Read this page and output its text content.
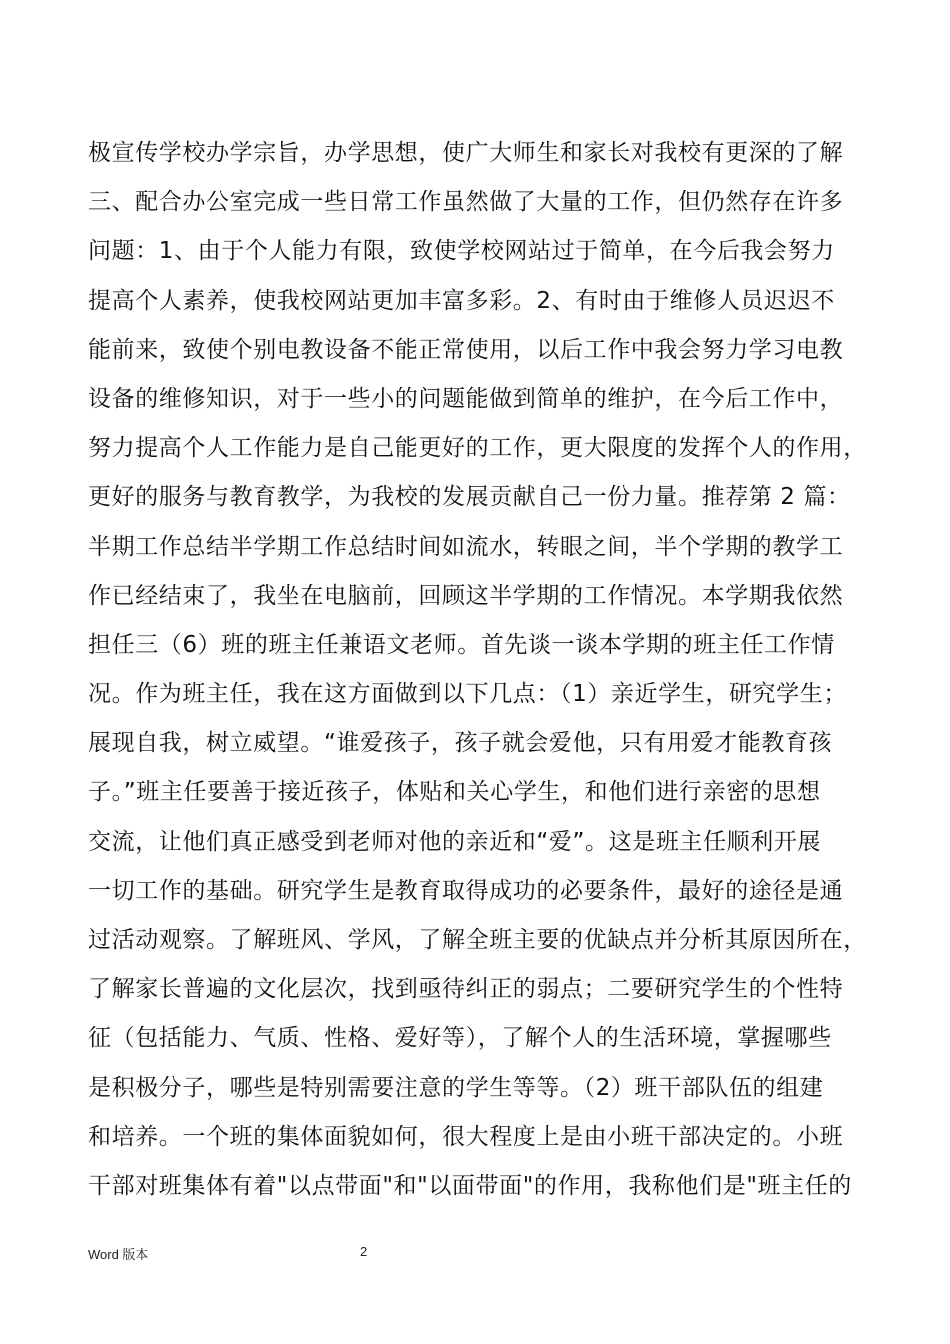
极宣传学校办学宗旨，办学思想，使广大师生和家长对我校有更深的了解
三、配合办公室完成一些日常工作虽然做了大量的工作，但仍然存在许多
问题：1、由于个人能力有限，致使学校网站过于简单，在今后我会努力
提高个人素养，使我校网站更加丰富多彩。2、有时由于维修人员迟迟不
能前来，致使个别电教设备不能正常使用，以后工作中我会努力学习电教
设备的维修知识，对于一些小的问题能做到简单的维护，在今后工作中，
努力提高个人工作能力是自己能更好的工作，更大限度的发挥个人的作用，
更好的服务与教育教学，为我校的发展贡献自己一份力量。推荐第 2 篇：
半期工作总结半学期工作总结时间如流水，转眼之间，半个学期的教学工
作已经结束了，我坐在电脑前，回顾这半学期的工作情况。本学期我依然
担任三（6）班的班主任兼语文老师。首先谈一谈本学期的班主任工作情
况。作为班主任，我在这方面做到以下几点：（1）亲近学生，研究学生；
展现自我，树立威望。“谁爱孩子，孩子就会爱他，只有用爱才能教育孩
子。”班主任要善于接近孩子，体贴和关心学生，和他们进行亲密的思想
交流，让他们真正感受到老师对他的亲近和“爱”。这是班主任顺利开展
一切工作的基础。研究学生是教育取得成功的必要条件，最好的途径是通
过活动观察。了解班风、学风，了解全班主要的优缺点并分析其原因所在，
了解家长普遍的文化层次，找到亟待纠正的弱点；二要研究学生的个性特
征（包括能力、气质、性格、爱好等），了解个人的生活环境，掌握哪些
是积极分子，哪些是特别需要注意的学生等等。（2）班干部队伍的组建
和培养。一个班的集体面貌如何，很大程度上是由小班干部决定的。小班
干部对班集体有着"以点带面"和"以面带面"的作用，我称他们是"班主任的
Word 版本	2
